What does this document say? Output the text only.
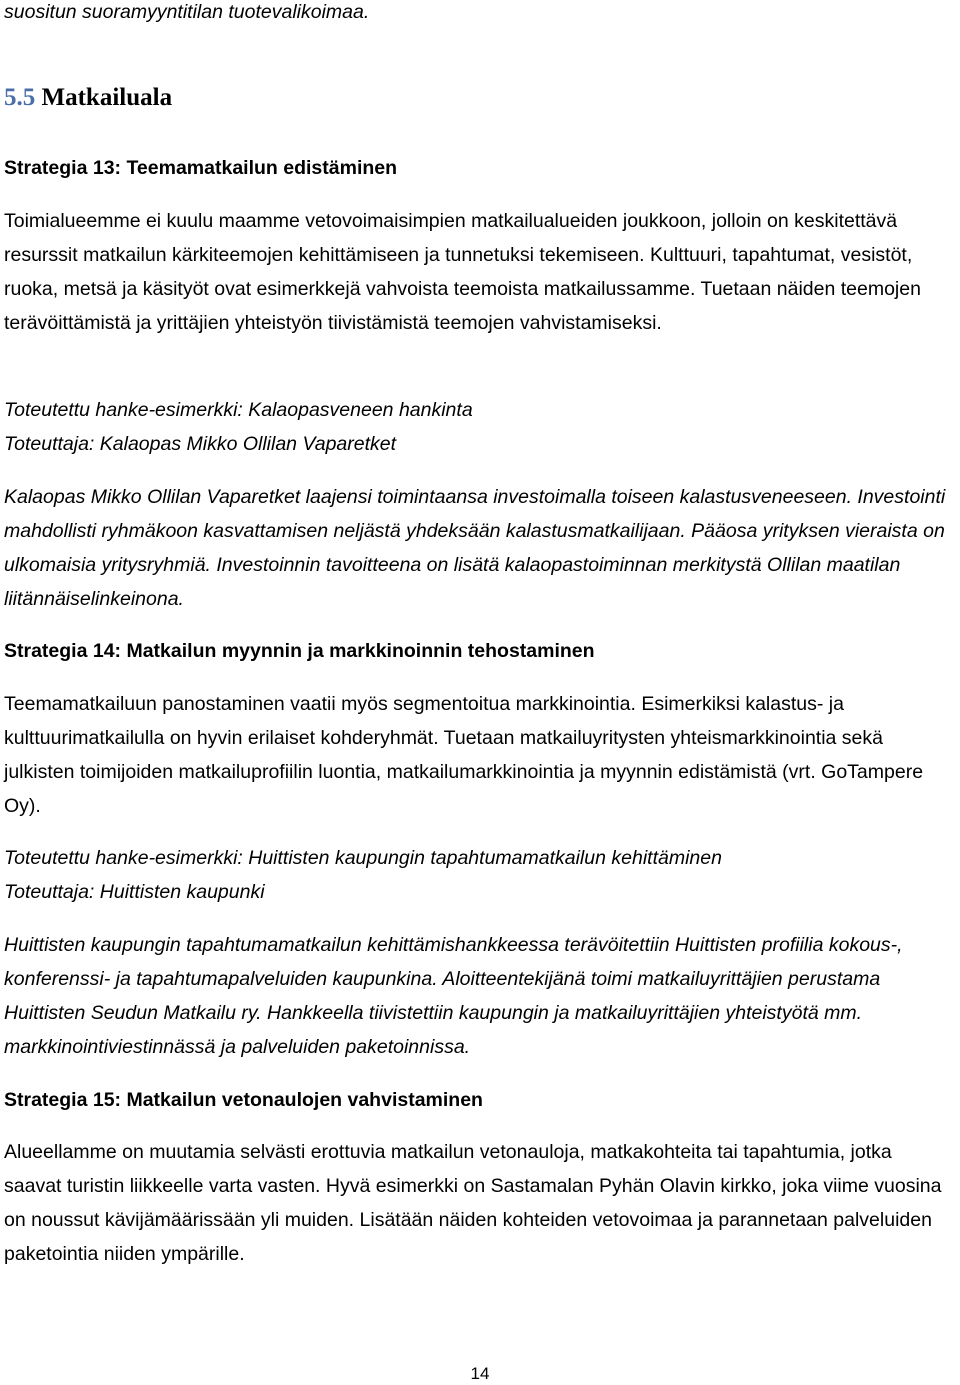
suositun suoramyyntitilan tuotevalikoimaa.
5.5 Matkailuala
Strategia 13: Teemamatkailun edistäminen
Toimialueemme ei kuulu maamme vetovoimaisimpien matkailualueiden joukkoon, jolloin on keskitettävä resurssit matkailun kärkiteemojen kehittämiseen ja tunnetuksi tekemiseen. Kulttuuri, tapahtumat, vesistöt, ruoka, metsä ja käsityöt ovat esimerkkejä vahvoista teemoista matkailussamme. Tuetaan näiden teemojen terävöittämistä ja yrittäjien yhteistyön tiivistämistä teemojen vahvistamiseksi.
Toteutettu hanke-esimerkki: Kalaopasveneen hankinta
Toteuttaja: Kalaopas Mikko Ollilan Vaparetket
Kalaopas Mikko Ollilan Vaparetket laajensi toimintaansa investoimalla toiseen kalastusveneeseen. Investointi mahdollisti ryhmäkoon kasvattamisen neljästä yhdeksään kalastusmatkailijaan. Pääosa yrityksen vieraista on ulkomaisia yritysryhmiä. Investoinnin tavoitteena on lisätä kalaopastoiminnan merkitystä Ollilan maatilan liitännäiselinkeinona.
Strategia 14: Matkailun myynnin ja markkinoinnin tehostaminen
Teemamatkailuun panostaminen vaatii myös segmentoitua markkinointia. Esimerkiksi kalastus- ja kulttuurimatkailulla on hyvin erilaiset kohderyhmät. Tuetaan matkailuyritysten yhteismarkkinointia sekä julkisten toimijoiden matkailuprofiilin luontia, matkailumarkkinointia ja myynnin edistämistä (vrt. GoTampere Oy).
Toteutettu hanke-esimerkki: Huittisten kaupungin tapahtumamatkailun kehittäminen
Toteuttaja: Huittisten kaupunki
Huittisten kaupungin tapahtumamatkailun kehittämishankkeessa terävöitettiin Huittisten profiilia kokous-, konferenssi- ja tapahtumapalveluiden kaupunkina. Aloitteentekijänä toimi matkailuyrittäjien perustama Huittisten Seudun Matkailu ry. Hankkeella tiivistettiin kaupungin ja matkailuyrittäjien yhteistyötä mm. markkinointiviestinnässä ja palveluiden paketoinnissa.
Strategia 15: Matkailun vetonaulojen vahvistaminen
Alueellamme on muutamia selvästi erottuvia matkailun vetonauloja, matkakohteita tai tapahtumia, jotka saavat turistin liikkeelle varta vasten. Hyvä esimerkki on Sastamalan Pyhän Olavin kirkko, joka viime vuosina on noussut kävijämäärissään yli muiden. Lisätään näiden kohteiden vetovoimaa ja parannetaan palveluiden paketointia niiden ympärille.
14
